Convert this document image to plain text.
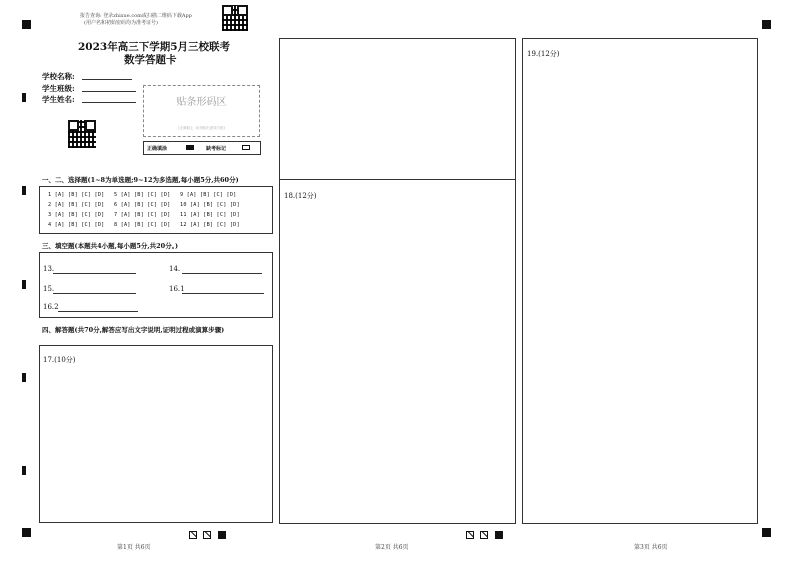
报告查询: 登录zhixue.com或扫描二维码下载App
(用户名和初始密码均为准考证号)
2023年高三下学期5月三校联考
数学答题卡
学校名称:
学生班级:
学生姓名:	贴条形码区
(正面朝上, 切勿贴出虚线方框)
正确填涂	缺考标记
一、二、选择题(1~8为单选题;9~12为多选题,每小题5分,共60分)
1 [A] [B] [C] [D] 5 [A] [B] [C] [D] 9 [A] [B] [C] [D]
2 [A] [B] [C] [D] 6 [A] [B] [C] [D] 10 [A] [B] [C] [D]
3 [A] [B] [C] [D] 7 [A] [B] [C] [D] 11 [A] [B] [C] [D]
4 [A] [B] [C] [D] 8 [A] [B] [C] [D] 12 [A] [B] [C] [D]
三、填空题(本题共4小题,每小题5分,共20分。)
13.	14.
15.	16.1
16.2
四、解答题(共70分,解答应写出文字说明,证明过程或演算步骤)
17.(10分)
18.(12分)
19.(12分)
第1页 共6页	第2页 共6页	第3页 共6页
